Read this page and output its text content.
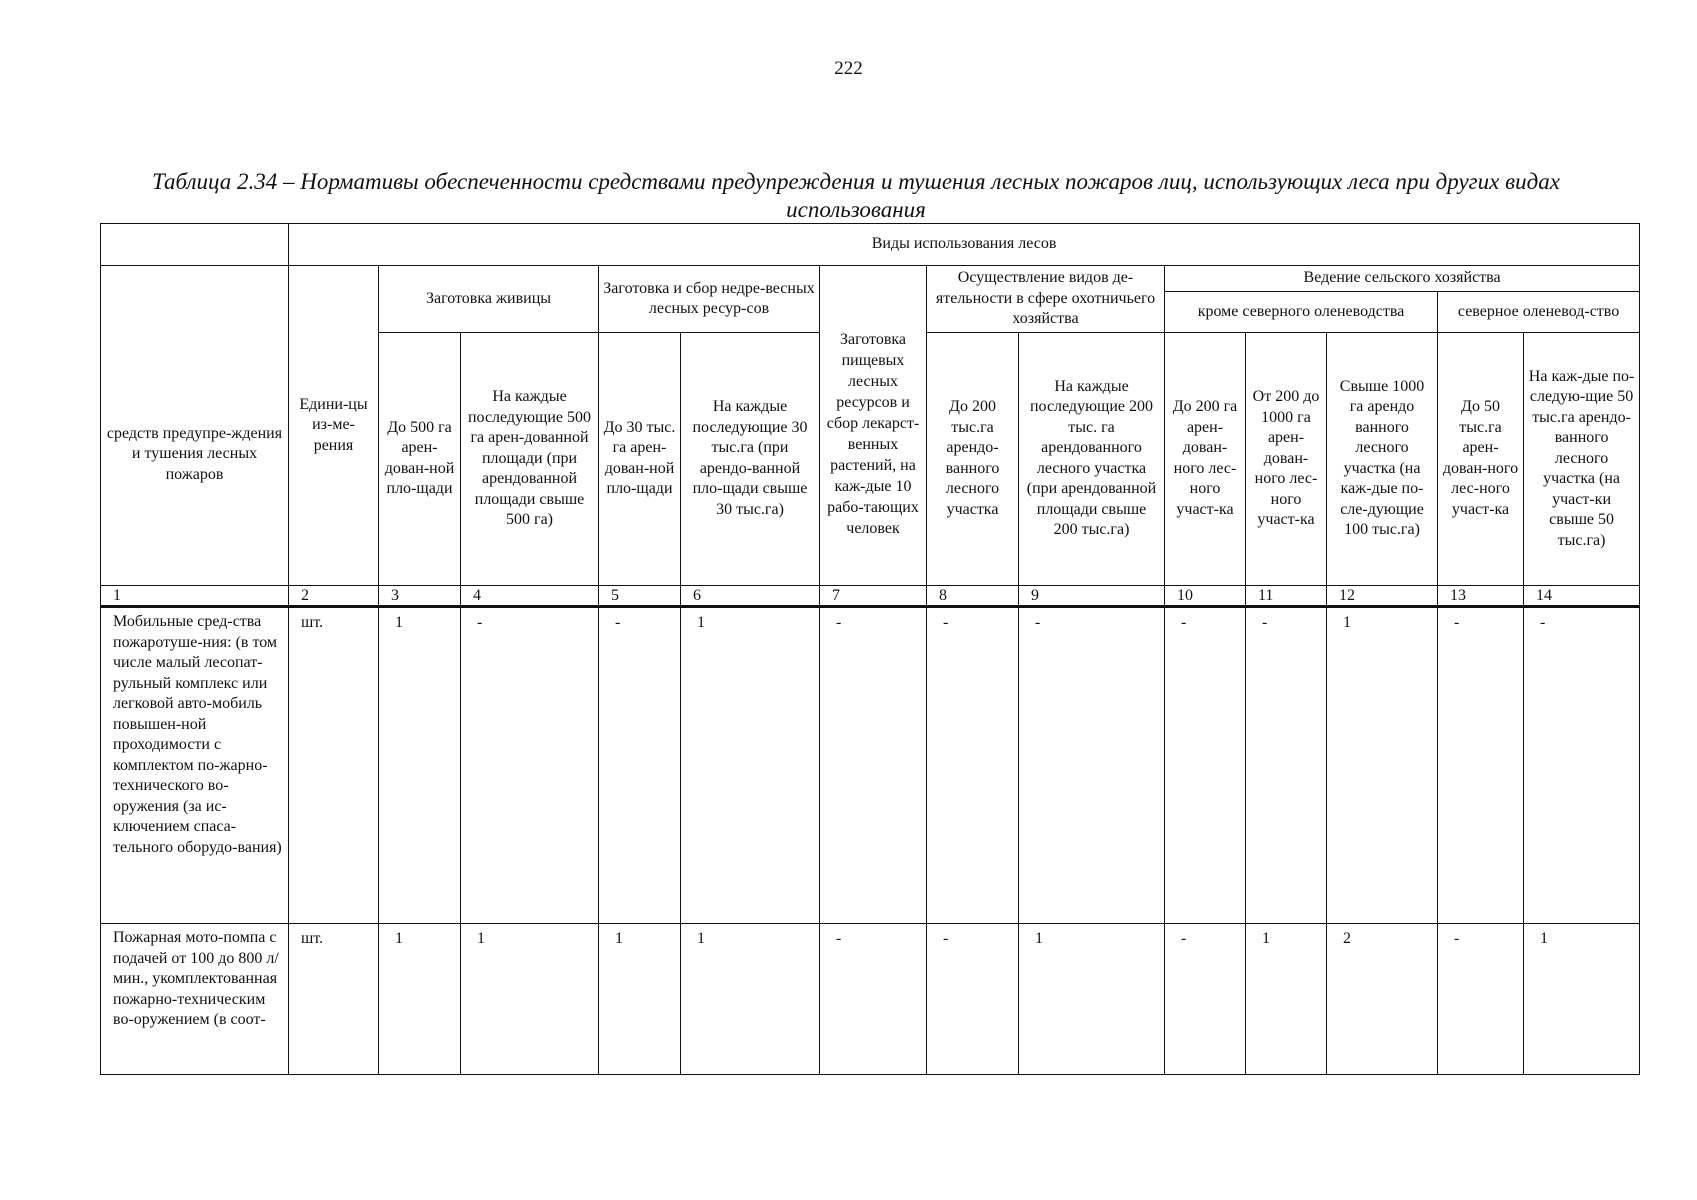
222
Таблица 2.34 – Нормативы обеспеченности средствами предупреждения и тушения лесных пожаров лиц, использующих леса при других видах использования
	Виды использования лесов												
средств предупре-ждения и тушения лесных пожаров	Едини-цы из-ме-рения	Заготовка живицы		Заготовка и сбор недре-весных лесных ресур-сов		Заготовка пищевых лесных ресурсов и сбор лекарст-венных растений, на каж-дые 10 рабо-тающих человек	Осуществление видов де-ятельности в сфере охотничьего хозяйства		Ведение сельского хозяйства				
									кроме северного оленеводства			северное оленевод-ство	
		До 500 га арен-дован-ной пло-щади	На каждые последующие 500 га арен-дованной площади (при арендованной площади свыше 500 га)	До 30 тыс. га арен-дован-ной пло-щади	На каждые последующие 30 тыс.га (при арендо-ванной пло-щади свыше 30 тыс.га)		До 200 тыс.га арендо-ванного лесного участка	На каждые последующие 200 тыс. га арендованного лесного участка (при арендованной площади свыше 200 тыс.га)	До 200 га арен-дован-ного лес-ного участ-ка	От 200 до 1000 га арен-дован-ного лес-ного участ-ка	Свыше 1000 га арендо ванного лесного участка (на каж-дые по-сле-дующие 100 тыс.га)	До 50 тыс.га арен-дован-ного лес-ного участ-ка	На каж-дые по-следую-щие 50 тыс.га арендо-ванного лесного участка (на участ-ки свыше 50 тыс.га)
1	2	3	4	5	6	7	8	9	10	11	12	13	14
Мобильные сред-ства пожаротуше-ния: (в том числе малый лесопат-рульный комплекс или легковой авто-мобиль повышен-ной проходимости с комплектом по-жарно-технического во-оружения (за ис-ключением спаса-тельного оборудо-вания)	шт.	1	-	-	1	-	-	-	-	-	1	-	-
Пожарная мото-помпа с подачей от 100 до 800 л/мин., укомплектованная пожарно-техническим во-оружением (в соот-	шт.	1	1	1	1	-	-	1	-	1	2	-	1
